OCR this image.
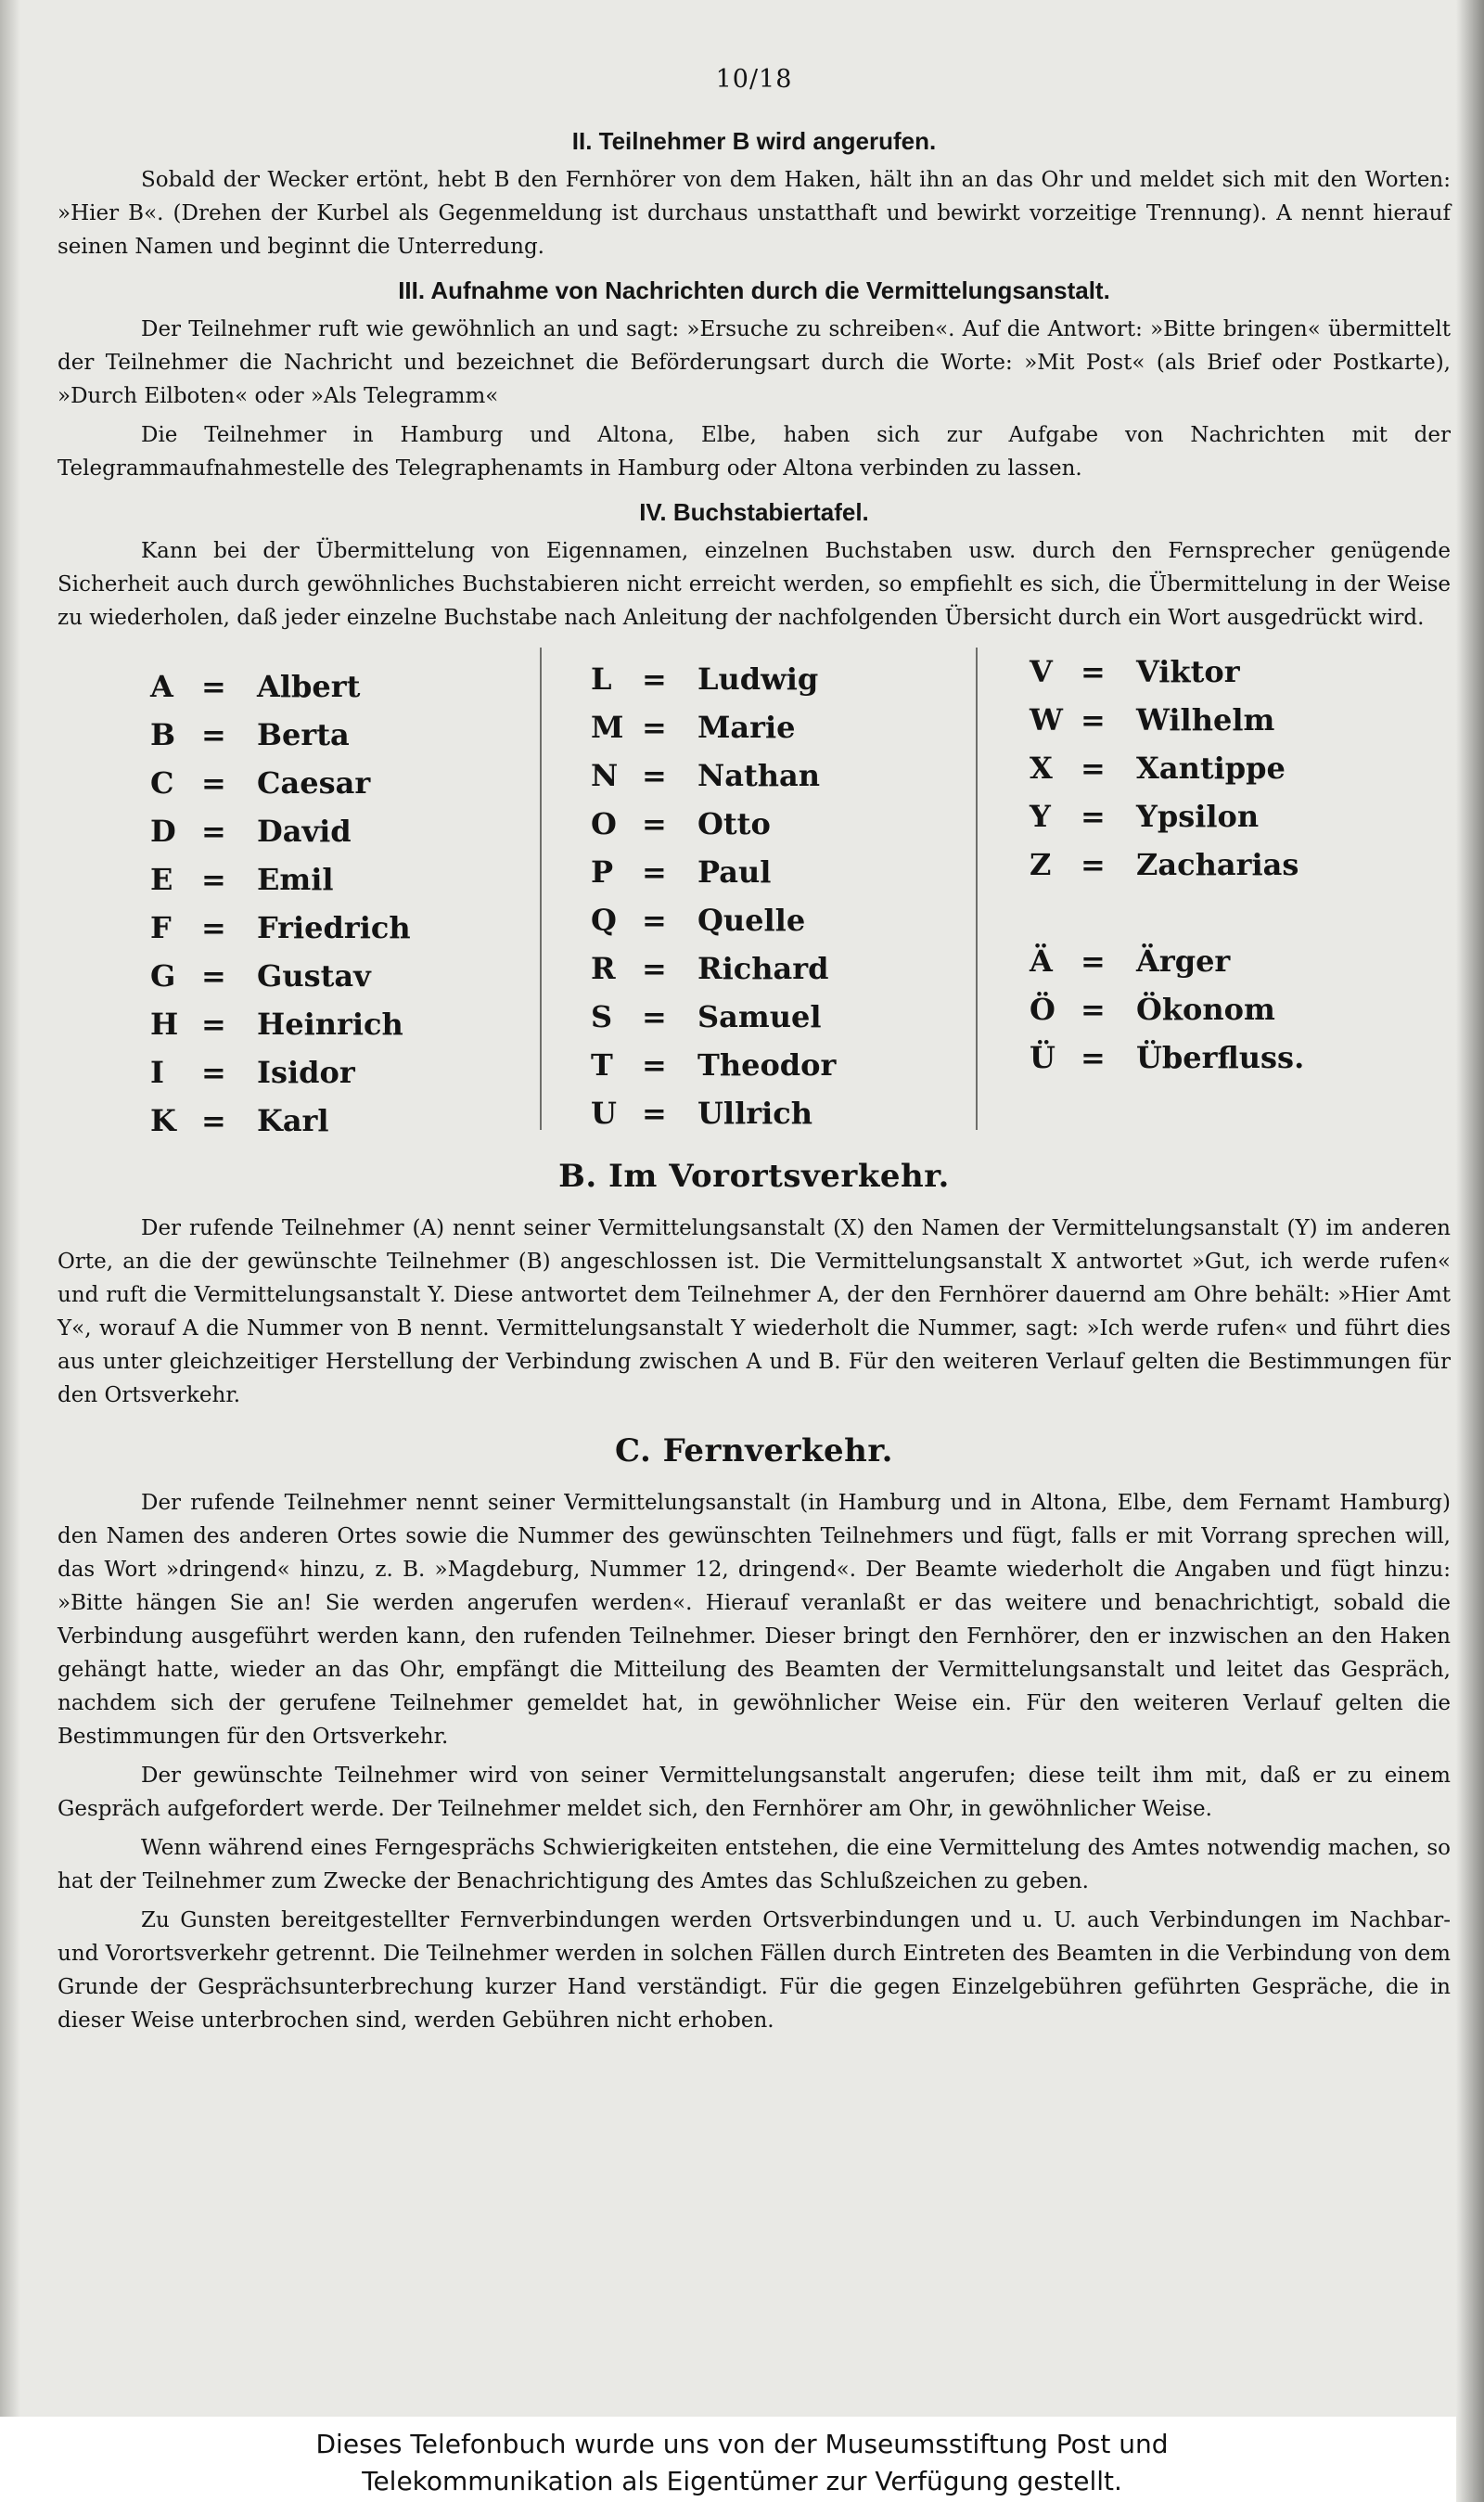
10/18
II. Teilnehmer B wird angerufen.

Sobald der Wecker ertönt, hebt B den Fernhörer von dem Haken, hält ihn an das Ohr und meldet sich mit den Worten: »Hier B«. (Drehen der Kurbel als Gegenmeldung ist durchaus unstatthaft und bewirkt vorzeitige Trennung). A nennt hierauf seinen Namen und beginnt die Unterredung.

III. Aufnahme von Nachrichten durch die Vermittelungsanstalt.

Der Teilnehmer ruft wie gewöhnlich an und sagt: »Ersuche zu schreiben«. Auf die Antwort: »Bitte bringen« übermittelt der Teilnehmer die Nachricht und bezeichnet die Beförderungsart durch die Worte: »Mit Post« (als Brief oder Postkarte), »Durch Eilboten« oder »Als Telegramm«

Die Teilnehmer in Hamburg und Altona, Elbe, haben sich zur Aufgabe von Nachrichten mit der Telegrammaufnahmestelle des Telegraphenamts in Hamburg oder Altona verbinden zu lassen.

IV. Buchstabiertafel.

Kann bei der Übermittelung von Eigennamen, einzelnen Buchstaben usw. durch den Fernsprecher genügende Sicherheit auch durch gewöhnliches Buchstabieren nicht erreicht werden, so empfiehlt es sich, die Übermittelung in der Weise zu wiederholen, daß jeder einzelne Buchstabe nach Anleitung der nachfolgenden Übersicht durch ein Wort ausgedrückt wird.

A = Albert
B = Berta
C = Caesar
D = David
E = Emil
F = Friedrich
G = Gustav
H = Heinrich
I = Isidor
K = Karl
L = Ludwig
M = Marie
N = Nathan
O = Otto
P = Paul
Q = Quelle
R = Richard
S = Samuel
T = Theodor
U = Ullrich
V = Viktor
W = Wilhelm
X = Xantippe
Y = Ypsilon
Z = Zacharias
Ä = Ärger
Ö = Ökonom
Ü = Überfluss.
B. Im Vorortsverkehr.

Der rufende Teilnehmer (A) nennt seiner Vermittelungsanstalt (X) den Namen der Vermittelungsanstalt (Y) im anderen Orte, an die der gewünschte Teilnehmer (B) angeschlossen ist. Die Vermittelungsanstalt X antwortet »Gut, ich werde rufen« und ruft die Vermittelungsanstalt Y. Diese antwortet dem Teilnehmer A, der den Fernhörer dauernd am Ohre behält: »Hier Amt Y«, worauf A die Nummer von B nennt. Vermittelungsanstalt Y wiederholt die Nummer, sagt: »Ich werde rufen« und führt dies aus unter gleichzeitiger Herstellung der Verbindung zwischen A und B. Für den weiteren Verlauf gelten die Bestimmungen für den Ortsverkehr.

C. Fernverkehr.

Der rufende Teilnehmer nennt seiner Vermittelungsanstalt (in Hamburg und in Altona, Elbe, dem Fernamt Hamburg) den Namen des anderen Ortes sowie die Nummer des gewünschten Teilnehmers und fügt, falls er mit Vorrang sprechen will, das Wort »dringend« hinzu, z. B. »Magdeburg, Nummer 12, dringend«. Der Beamte wiederholt die Angaben und fügt hinzu: »Bitte hängen Sie an! Sie werden angerufen werden«. Hierauf veranlaßt er das weitere und benachrichtigt, sobald die Verbindung ausgeführt werden kann, den rufenden Teilnehmer. Dieser bringt den Fernhörer, den er inzwischen an den Haken gehängt hatte, wieder an das Ohr, empfängt die Mitteilung des Beamten der Vermittelungsanstalt und leitet das Gespräch, nachdem sich der gerufene Teilnehmer gemeldet hat, in gewöhnlicher Weise ein. Für den weiteren Verlauf gelten die Bestimmungen für den Ortsverkehr.

Der gewünschte Teilnehmer wird von seiner Vermittelungsanstalt angerufen; diese teilt ihm mit, daß er zu einem Gespräch aufgefordert werde. Der Teilnehmer meldet sich, den Fernhörer am Ohr, in gewöhnlicher Weise.

Wenn während eines Ferngesprächs Schwierigkeiten entstehen, die eine Vermittelung des Amtes notwendig machen, so hat der Teilnehmer zum Zwecke der Benachrichtigung des Amtes das Schlußzeichen zu geben.

Zu Gunsten bereitgestellter Fernverbindungen werden Ortsverbindungen und u. U. auch Verbindungen im Nachbar- und Vorortsverkehr getrennt. Die Teilnehmer werden in solchen Fällen durch Eintreten des Beamten in die Verbindung von dem Grunde der Gesprächsunterbrechung kurzer Hand verständigt. Für die gegen Einzelgebühren geführten Gespräche, die in dieser Weise unterbrochen sind, werden Gebühren nicht erhoben.

Dieses Telefonbuch wurde uns von der Museumsstiftung Post und
Telekommunikation als Eigentümer zur Verfügung gestellt.
